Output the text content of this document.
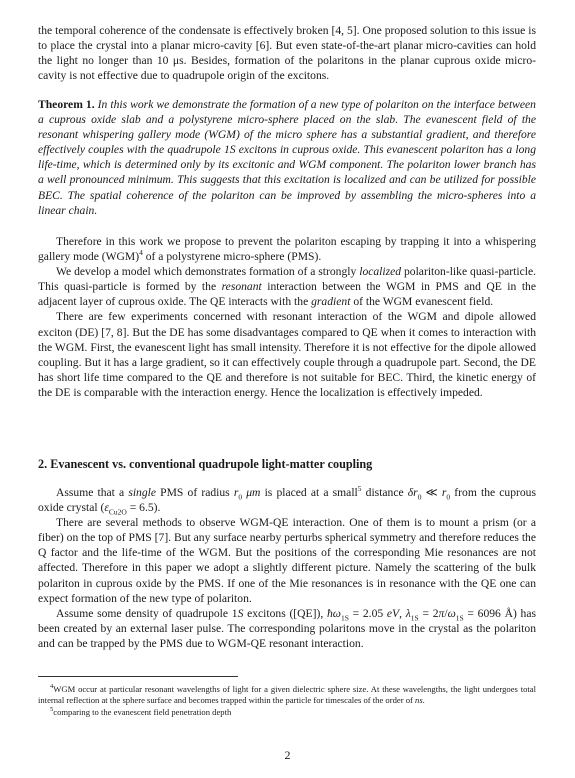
the temporal coherence of the condensate is effectively broken [4, 5]. One proposed solution to this issue is to place the crystal into a planar micro-cavity [6]. But even state-of-the-art planar micro-cavities can hold the light no longer than 10 μs. Besides, formation of the polaritons in the planar cuprous oxide micro-cavity is not effective due to quadrupole origin of the excitons.

Theorem 1. In this work we demonstrate the formation of a new type of polariton on the interface between a cuprous oxide slab and a polystyrene micro-sphere placed on the slab. The evanescent field of the resonant whispering gallery mode (WGM) of the micro sphere has a substantial gradient, and therefore effectively couples with the quadrupole 1S excitons in cuprous oxide. This evanescent polariton has a long life-time, which is determined only by its excitonic and WGM component. The polariton lower branch has a well pronounced minimum. This suggests that this excitation is localized and can be utilized for possible BEC. The spatial coherence of the polariton can be improved by assembling the micro-spheres into a linear chain.

Therefore in this work we propose to prevent the polariton escaping by trapping it into a whispering gallery mode (WGM)$^4$ of a polystyrene micro-sphere (PMS).

We develop a model which demonstrates formation of a strongly localized polariton-like quasi-particle. This quasi-particle is formed by the resonant interaction between the WGM in PMS and QE in the adjacent layer of cuprous oxide. The QE interacts with the gradient of the WGM evanescent field.

There are few experiments concerned with resonant interaction of the WGM and dipole allowed exciton (DE) [7, 8]. But the DE has some disadvantages compared to QE when it comes to interaction with the WGM. First, the evanescent light has small intensity. Therefore it is not effective for the dipole allowed coupling. But it has a large gradient, so it can effectively couple through a quadrupole part. Second, the DE has short life time compared to the QE and therefore is not suitable for BEC. Third, the kinetic energy of the DE is comparable with the interaction energy. Hence the localization is effectively impeded.

2. Evanescent vs. conventional quadrupole light-matter coupling

Assume that a single PMS of radius $r_0$ μm is placed at a small$^5$ distance $\delta r_0$ ≪ $r_0$ from the cuprous oxide crystal $(\varepsilon_{Cu2O} = 6.5)$.

There are several methods to observe WGM-QE interaction. One of them is to mount a prism (or a fiber) on the top of PMS [7]. But any surface nearby perturbs spherical symmetry and therefore reduces the Q factor and the life-time of the WGM. But the positions of the corresponding Mie resonances are not affected. Therefore in this paper we adopt a slightly different picture. Namely the scattering of the bulk polariton in cuprous oxide by the PMS. If one of the Mie resonances is in resonance with the QE one can expect formation of the new type of polariton.

Assume some density of quadrupole 1S excitons ([QE]), $ħ\omega_{1S} = 2.05$ eV, $\lambda_{1S} = 2\pi/\omega_{1S} = 6096$ Å) has been created by an external laser pulse. The corresponding polaritons move in the crystal as the polariton and can be trapped by the PMS due to WGM-QE resonant interaction.

$^4$WGM occur at particular resonant wavelengths of light for a given dielectric sphere size. At these wavelengths, the light undergoes total internal reflection at the sphere surface and becomes trapped within the particle for timescales of the order of ns.

$^5$comparing to the evanescent field penetration depth

2
